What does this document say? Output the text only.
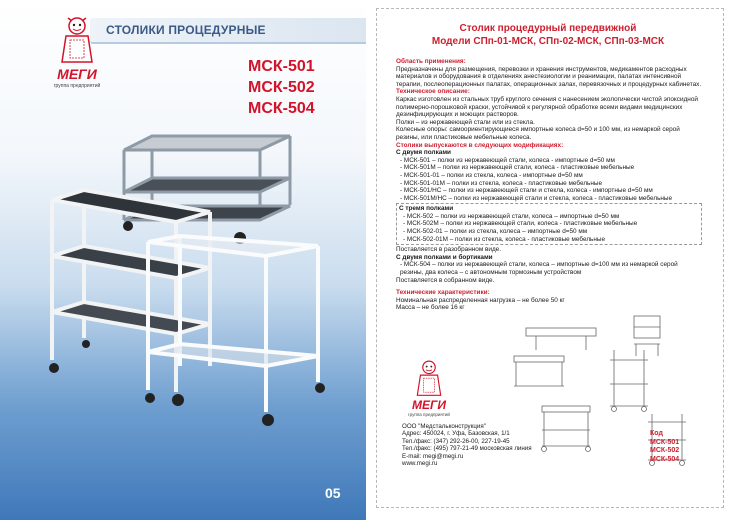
СТОЛИКИ ПРОЦЕДУРНЫЕ
МЕГИ
группа предприятий
МСК-501
МСК-502
МСК-504
05
Столик процедурный передвижной
Модели СПп-01-МСК, СПп-02-МСК, СПп-03-МСК
Область применения:
Предназначены для размещения, перевозки и хранения инструментов, медикаментов расходных материалов и оборудования в отделениях анестезиологии и реанимации, палатах интенсивной терапии, послеоперационных палатах, операционных залах, перевязочных и процедурных кабинетах.
Техническое описание:
Каркас изготовлен из стальных труб круглого сечения с нанесением экологически чистой эпоксидной полимерно-порошковой краски, устойчивой к регулярной обработке всеми видами медицинских дезинфицирующих и моющих растворов.
Полки – из нержавеющей стали или из стекла.
Колесные опоры: самоориентирующиеся импортные колеса d=50 и 100 мм, из немаркой серой резины, или пластиковые мебельные колеса.
Столики выпускаются в следующих модификациях:
С двумя полками
- МСК-501 – полки из нержавеющей стали, колеса - импортные d=50 мм
- МСК-501М – полки из нержавеющей стали, колеса - пластиковые мебельные
- МСК-501-01 – полки из стекла, колеса - импортные d=50 мм
- МСК-501-01М – полки из стекла, колеса - пластиковые мебельные
- МСК-501/НС – полки из нержавеющей стали и стекла, колеса - импортные d=50 мм
- МСК-501М/НС – полки из нержавеющей стали и стекла, колеса - пластиковые мебельные
С тремя полками
- МСК-502 – полки из нержавеющей стали, колеса – импортные d=50 мм
- МСК-502М – полки из нержавеющей стали, колеса - пластиковые мебельные
- МСК-502-01 – полки из стекла, колеса – импортные d=50 мм
- МСК-502-01М – полки из стекла, колеса - пластиковые мебельные
Поставляется в разобранном виде.
С двумя полками и бортиками
- МСК-504 – полки из нержавеющей стали, колеса – импортные d=100 мм из немаркой серой резины, два колеса – с автономным тормозным устройством
Поставляется в собранном виде.
Технические характеристики:
Номинальная распределенная нагрузка – не более 50 кг
Масса – не более 16 кг
МЕГИ
группа предприятий
ООО "Медстальконструкция"
Адрес: 450024, г. Уфа, Базовская, 1/1
Тел./факс: (347) 292-26-00, 227-19-45
Тел./факс: (495) 797-21-49 московская линия
E-mail: megi@megi.ru
www.megi.ru
Код
МСК-501
МСК-502
МСК-504
